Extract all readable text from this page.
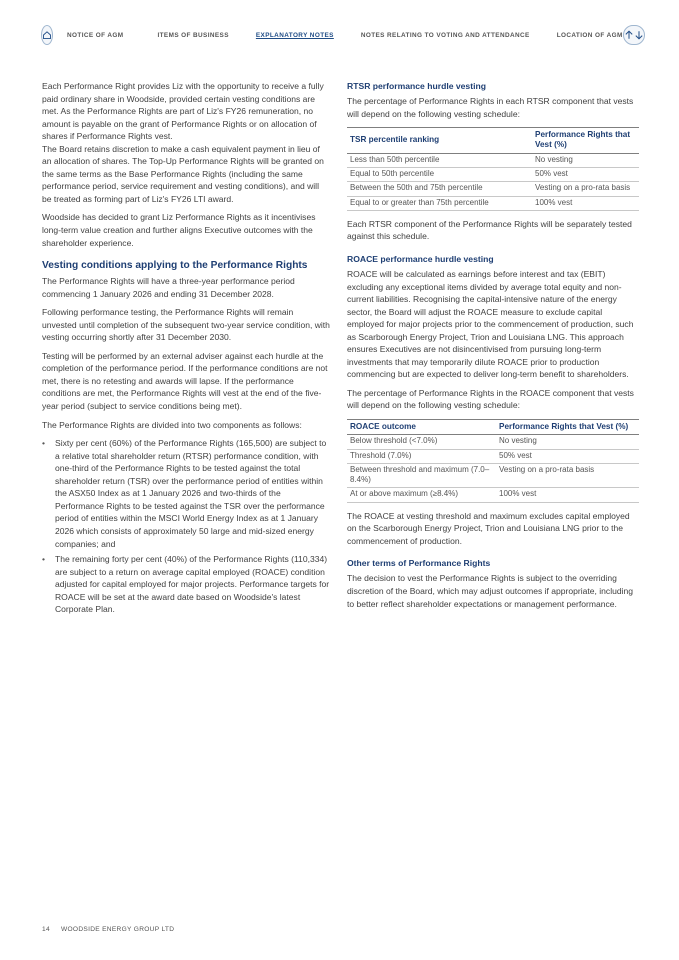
NOTICE OF AGM	ITEMS OF BUSINESS	EXPLANATORY NOTES	NOTES RELATING TO VOTING AND ATTENDANCE	LOCATION OF AGM

Each Performance Right provides Liz with the opportunity to receive a fully paid ordinary share in Woodside, provided certain vesting conditions are met. As the Performance Rights are part of Liz's FY26 remuneration, no amount is payable on the grant of Performance Rights or on allocation of shares if Performance Rights vest.

The Board retains discretion to make a cash equivalent payment in lieu of an allocation of shares. The Top-Up Performance Rights will be granted on the same terms as the Base Performance Rights (including the same performance period, service requirement and vesting conditions), and will be treated as forming part of Liz's FY26 LTI award.

Woodside has decided to grant Liz Performance Rights as it incentivises long-term value creation and further aligns Executive outcomes with the shareholder experience.

Vesting conditions applying to the Performance Rights

The Performance Rights will have a three-year performance period commencing 1 January 2026 and ending 31 December 2028.

Following performance testing, the Performance Rights will remain unvested until completion of the subsequent two-year service condition, with vesting occurring shortly after 31 December 2030.

Testing will be performed by an external adviser against each hurdle at the completion of the performance period. If the performance conditions are not met, there is no retesting and awards will lapse. If the performance conditions are met, the Performance Rights will vest at the end of the five-year period (subject to service conditions being met).

The Performance Rights are divided into two components as follows:

• Sixty per cent (60%) of the Performance Rights (165,500) are subject to a relative total shareholder return (RTSR) performance condition, with one-third of the Performance Rights to be tested against the total shareholder return (TSR) over the performance period of entities within the ASX50 Index as at 1 January 2026 and two-thirds of the Performance Rights to be tested against the TSR over the performance period of entities within the MSCI World Energy Index as at 1 January 2026 which consists of approximately 50 large and mid-sized energy companies; and
• The remaining forty per cent (40%) of the Performance Rights (110,334) are subject to a return on average capital employed (ROACE) condition adjusted for capital employed for major projects. Performance targets for ROACE will be set at the award date based on Woodside's latest Corporate Plan.
RTSR performance hurdle vesting

The percentage of Performance Rights in each RTSR component that vests will depend on the following vesting schedule:

TSR percentile ranking	Performance Rights that Vest (%)
Less than 50th percentile	No vesting
Equal to 50th percentile	50% vest
Between the 50th and 75th percentile	Vesting on a pro-rata basis
Equal to or greater than 75th percentile	100% vest

Each RTSR component of the Performance Rights will be separately tested against this schedule.

ROACE performance hurdle vesting

ROACE will be calculated as earnings before interest and tax (EBIT) excluding any exceptional items divided by average total equity and non-current liabilities. Recognising the capital-intensive nature of the energy sector, the Board will adjust the ROACE measure to exclude capital employed for major projects prior to the commencement of production, such as Scarborough Energy Project, Trion and Louisiana LNG. This approach ensures Executives are not disincentivised from pursuing long-term investments that may temporarily dilute ROACE prior to production commencing but are expected to deliver long-term benefit to shareholders.

The percentage of Performance Rights in the ROACE component that vests will depend on the following vesting schedule:

ROACE outcome	Performance Rights that Vest (%)
Below threshold (<7.0%)	No vesting
Threshold (7.0%)	50% vest
Between threshold and maximum (7.0–8.4%)	Vesting on a pro-rata basis
At or above maximum (≥8.4%)	100% vest

The ROACE at vesting threshold and maximum excludes capital employed on the Scarborough Energy Project, Trion and Louisiana LNG prior to the commencement of production.

Other terms of Performance Rights

The decision to vest the Performance Rights is subject to the overriding discretion of the Board, which may adjust outcomes if appropriate, including to better reflect shareholder expectations or management performance.

14 WOODSIDE ENERGY GROUP LTD
